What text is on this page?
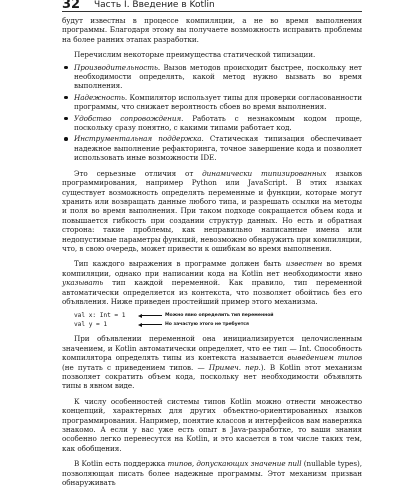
32 Часть I. Введение в Kotlin

будут известны в процессе компиляции, а не во время выполнения программы. Благодаря этому вы получаете возможность исправить проблемы на более ранних этапах разработки.

Перечислим некоторые преимущества статической типизации.

Производительность. Вызов методов происходит быстрее, поскольку нет необходимости определять, какой метод нужно вызвать во время выполнения.
Надежность. Компилятор использует типы для проверки согласованности программы, что снижает вероятность сбоев во время выполнения.
Удобство сопровождения. Работать с незнакомым кодом проще, поскольку сразу понятно, с какими типами работает код.
Инструментальная поддержка. Статическая типизация обеспечивает надежное выполнение рефакторинга, точное завершение кода и позволяет использовать иные возможности IDE.

Это серьезные отличия от динамически типизированных языков программирования, например Python или JavaScript. В этих языках существует возможность определять переменные и функции, которые могут хранить или возвращать данные любого типа, и разрешать ссылки на методы и поля во время выполнения. При таком подходе сокращается объем кода и повышается гибкость при создании структур данных. Но есть и обратная сторона: такие проблемы, как неправильно написанные имена или недопустимые параметры функций, невозможно обнаружить при компиляции, что, в свою очередь, может привести к ошибкам во время выполнения.

Тип каждого выражения в программе должен быть известен во время компиляции, однако при написании кода на Kotlin нет необходимости явно указывать тип каждой переменной. Как правило, тип переменной автоматически определяется из контекста, что позволяет обойтись без его объявления. Ниже приведен простейший пример этого механизма.

val x: Int = 1	Можно явно определить тип переменной
val y = 1	Но зачастую этого не требуется

При объявлении переменной она инициализируется целочисленным значением, и Kotlin автоматически определяет, что ее тип — Int. Способность компилятора определять типы из контекста называется выведением типов (не путать с приведением типов. — Примеч. пер.). В Kotlin этот механизм позволяет сократить объем кода, поскольку нет необходимости объявлять типы в явном виде.

К числу особенностей системы типов Kotlin можно отнести множество концепций, характерных для других объектно-ориентированных языков программирования. Например, понятие классов и интерфейсов вам наверняка знакомо. А если у вас уже есть опыт в Java-разработке, то ваши знания особенно легко перенесутся на Kotlin, и это касается в том числе таких тем, как обобщения.

В Kotlin есть поддержка типов, допускающих значение null (nullable types), позволяющая писать более надежные программы. Этот механизм призван обнаруживать
